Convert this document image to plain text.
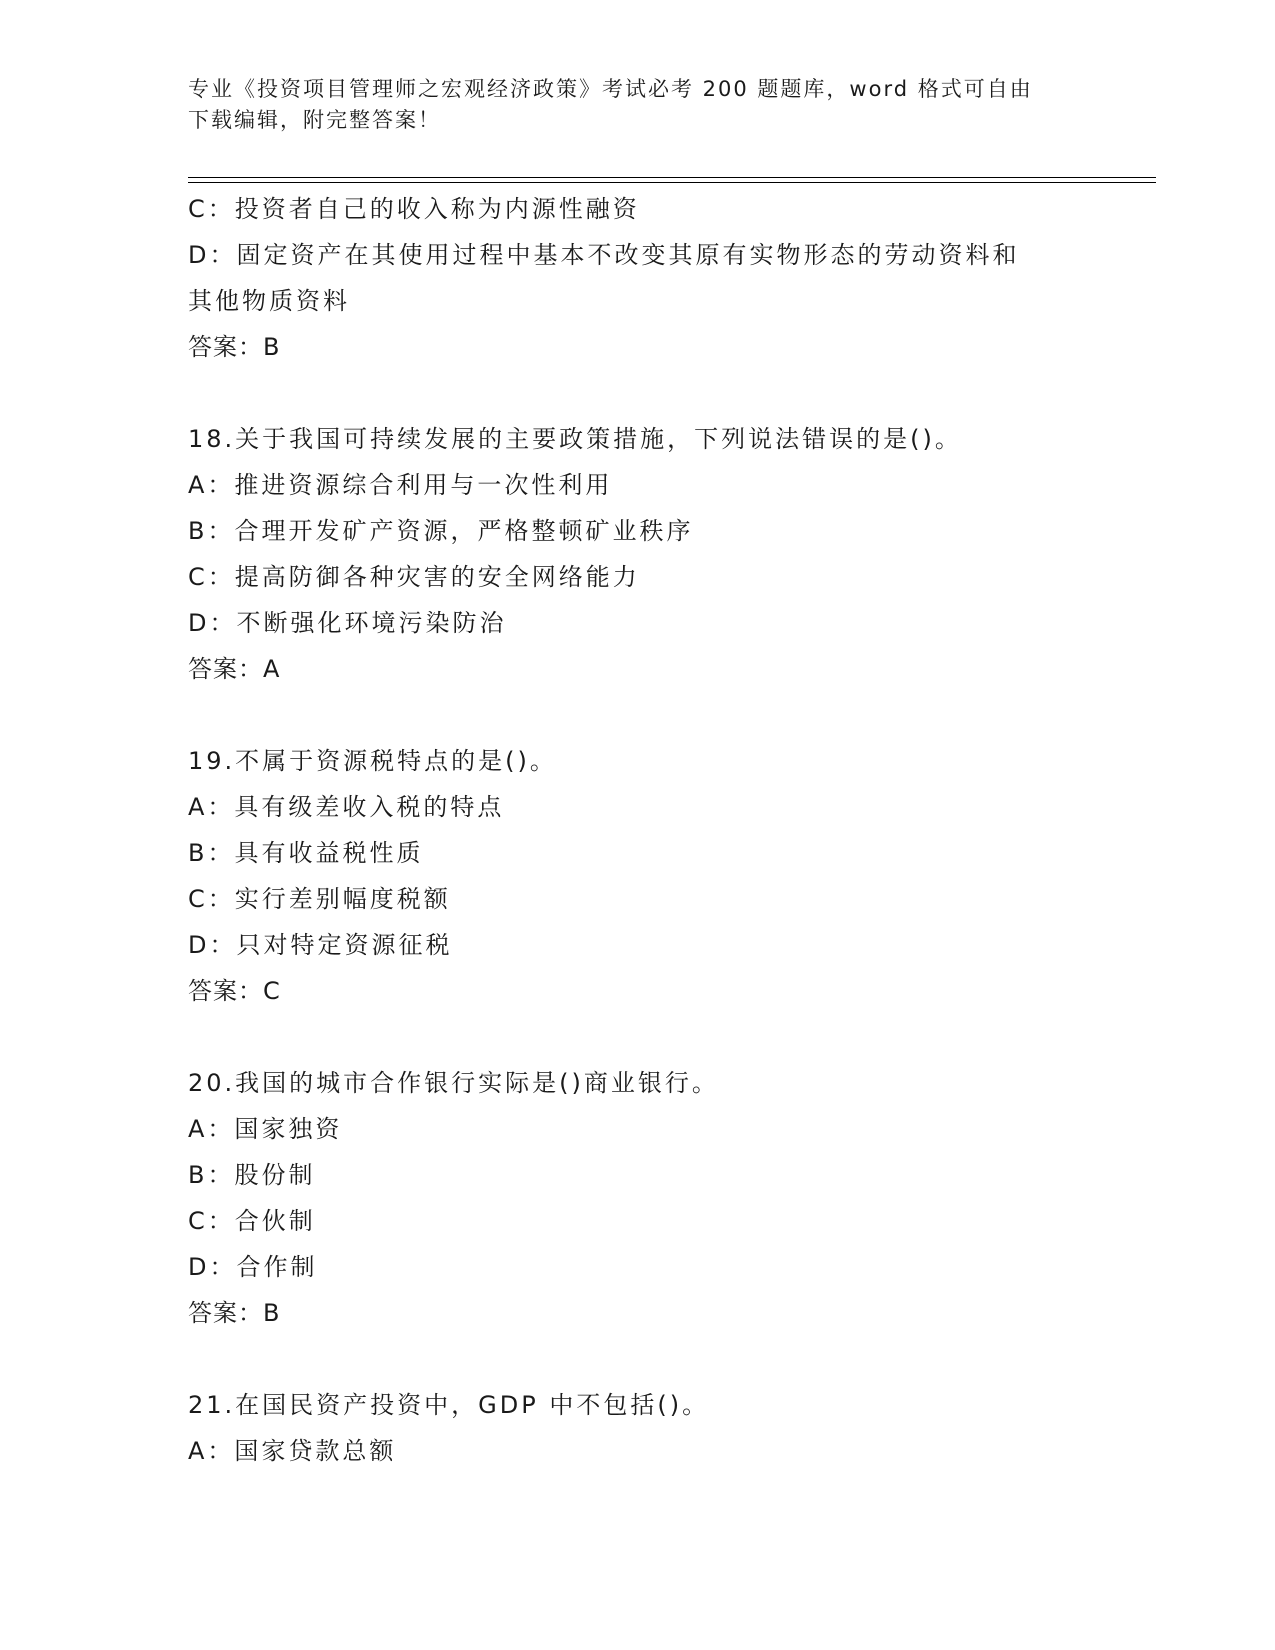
专业《投资项目管理师之宏观经济政策》考试必考 200 题题库，word 格式可自由
下载编辑，附完整答案！
C：投资者自己的收入称为内源性融资
D：固定资产在其使用过程中基本不改变其原有实物形态的劳动资料和
其他物质资料
答案：B
18.关于我国可持续发展的主要政策措施，下列说法错误的是()。
A：推进资源综合利用与一次性利用
B：合理开发矿产资源，严格整顿矿业秩序
C：提高防御各种灾害的安全网络能力
D：不断强化环境污染防治
答案：A
19.不属于资源税特点的是()。
A：具有级差收入税的特点
B：具有收益税性质
C：实行差别幅度税额
D：只对特定资源征税
答案：C
20.我国的城市合作银行实际是()商业银行。
A：国家独资
B：股份制
C：合伙制
D：合作制
答案：B
21.在国民资产投资中，GDP 中不包括()。
A：国家贷款总额
